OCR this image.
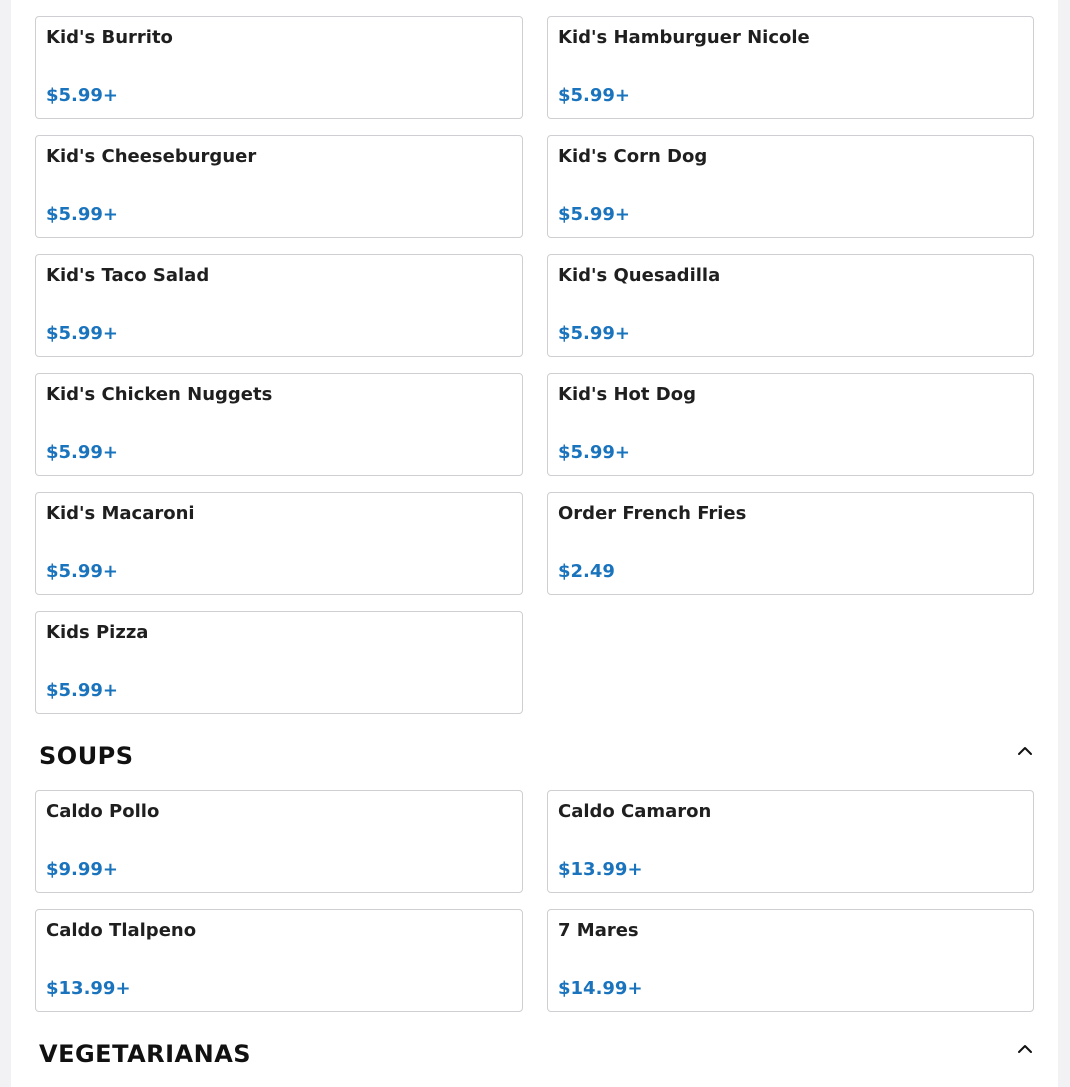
Kid's Burrito
$5.99+
Kid's Hamburguer Nicole
$5.99+
Kid's Cheeseburguer
$5.99+
Kid's Corn Dog
$5.99+
Kid's Taco Salad
$5.99+
Kid's Quesadilla
$5.99+
Kid's Chicken Nuggets
$5.99+
Kid's Hot Dog
$5.99+
Kid's Macaroni
$5.99+
Order French Fries
$2.49
Kids Pizza
$5.99+
SOUPS
Caldo Pollo
$9.99+
Caldo Camaron
$13.99+
Caldo Tlalpeno
$13.99+
7 Mares
$14.99+
VEGETARIANAS
